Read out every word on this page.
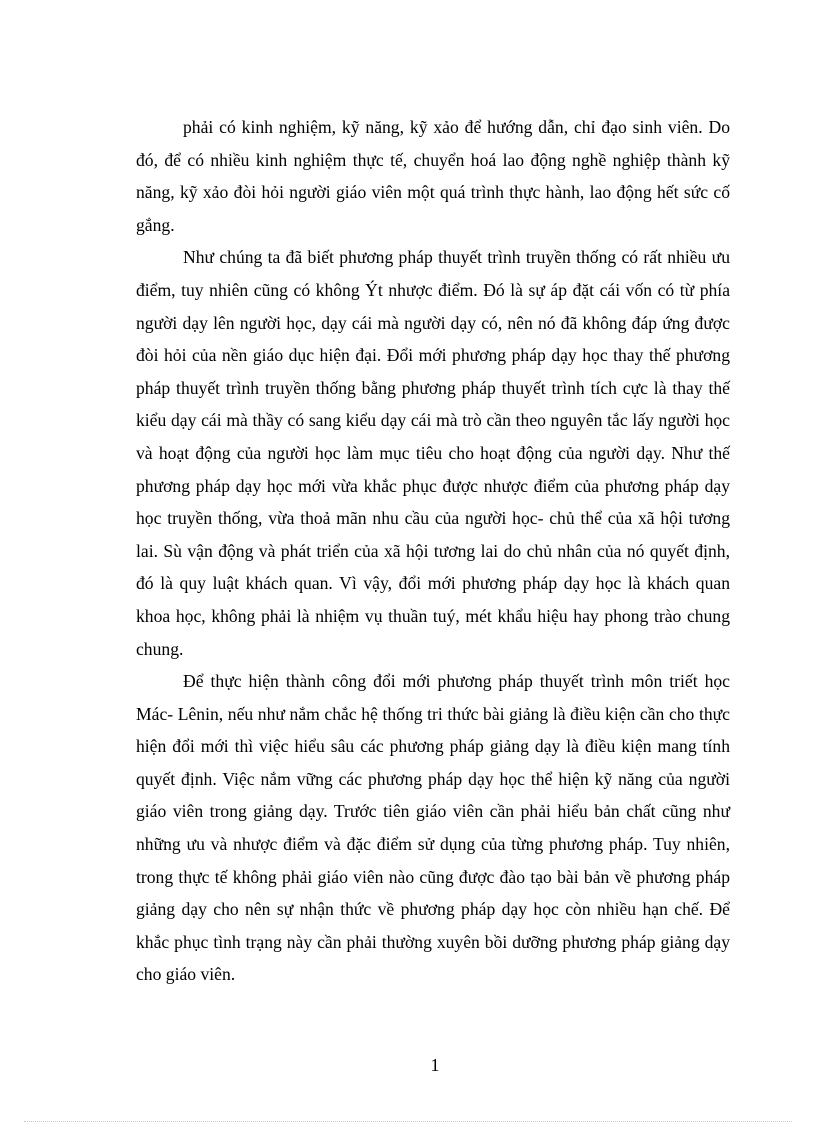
phải có kinh nghiệm, kỹ năng, kỹ xảo để hướng dẫn, chỉ đạo sinh viên. Do đó, để có nhiều kinh nghiệm thực tế, chuyển hoá lao động nghề nghiệp thành kỹ năng, kỹ xảo đòi hỏi người giáo viên một quá trình thực hành, lao động hết sức cố gắng.

Như chúng ta đã biết phương pháp thuyết trình truyền thống có rất nhiều ưu điểm, tuy nhiên cũng có không Ýt nhược điểm. Đó là sự áp đặt cái vốn có từ phía người dạy lên người học, dạy cái mà người dạy có, nên nó đã không đáp ứng được đòi hỏi của nền giáo dục hiện đại. Đổi mới phương pháp dạy học thay thế phương pháp thuyết trình truyền thống bằng phương pháp thuyết trình tích cực là thay thế kiểu dạy cái mà thầy có sang kiểu dạy cái mà trò cần theo nguyên tắc lấy người học và hoạt động của người học làm mục tiêu cho hoạt động của người dạy. Như thế phương pháp dạy học mới vừa khắc phục được nhược điểm của phương pháp dạy học truyền thống, vừa thoả mãn nhu cầu của người học- chủ thể của xã hội tương lai. Sù vận động và phát triển của xã hội tương lai do chủ nhân của nó quyết định, đó là quy luật khách quan. Vì vậy, đổi mới phương pháp dạy học là khách quan khoa học, không phải là nhiệm vụ thuần tuý, mét khẩu hiệu hay phong trào chung chung.

Để thực hiện thành công đổi mới phương pháp thuyết trình môn triết học Mác- Lênin, nếu như nắm chắc hệ thống tri thức bài giảng là điều kiện cần cho thực hiện đổi mới thì việc hiểu sâu các phương pháp giảng dạy là điều kiện mang tính quyết định. Việc nắm vững các phương pháp dạy học thể hiện kỹ năng của người giáo viên trong giảng dạy. Trước tiên giáo viên cần phải hiểu bản chất cũng như những ưu và nhược điểm và đặc điểm sử dụng của từng phương pháp. Tuy nhiên, trong thực tế không phải giáo viên nào cũng được đào tạo bài bản về phương pháp giảng dạy cho nên sự nhận thức về phương pháp dạy học còn nhiều hạn chế. Để khắc phục tình trạng này cần phải thường xuyên bồi dưỡng phương pháp giảng dạy cho giáo viên.

1
